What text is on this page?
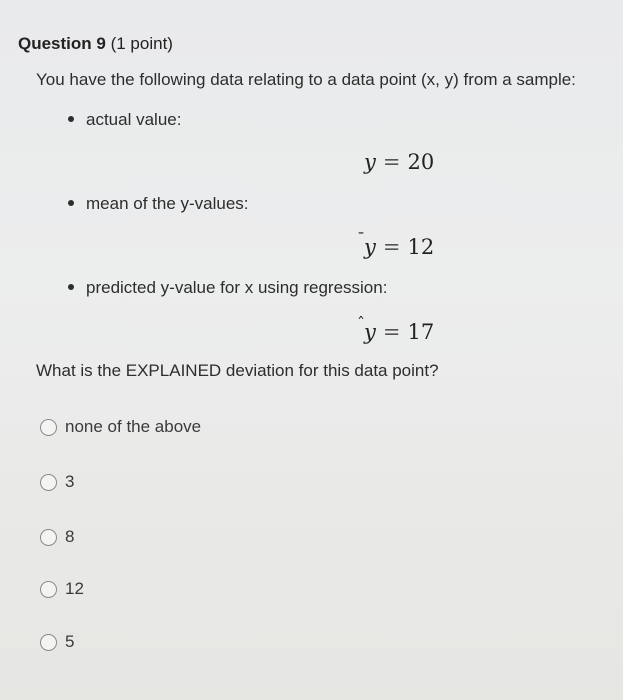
Question 9 (1 point)
You have the following data relating to a data point (x, y) from a sample:
actual value:
y = 20
mean of the y-values:
y = 12
predicted y-value for x using regression:
y = 17
What is the EXPLAINED deviation for this data point?
none of the above
3
8
12
5
